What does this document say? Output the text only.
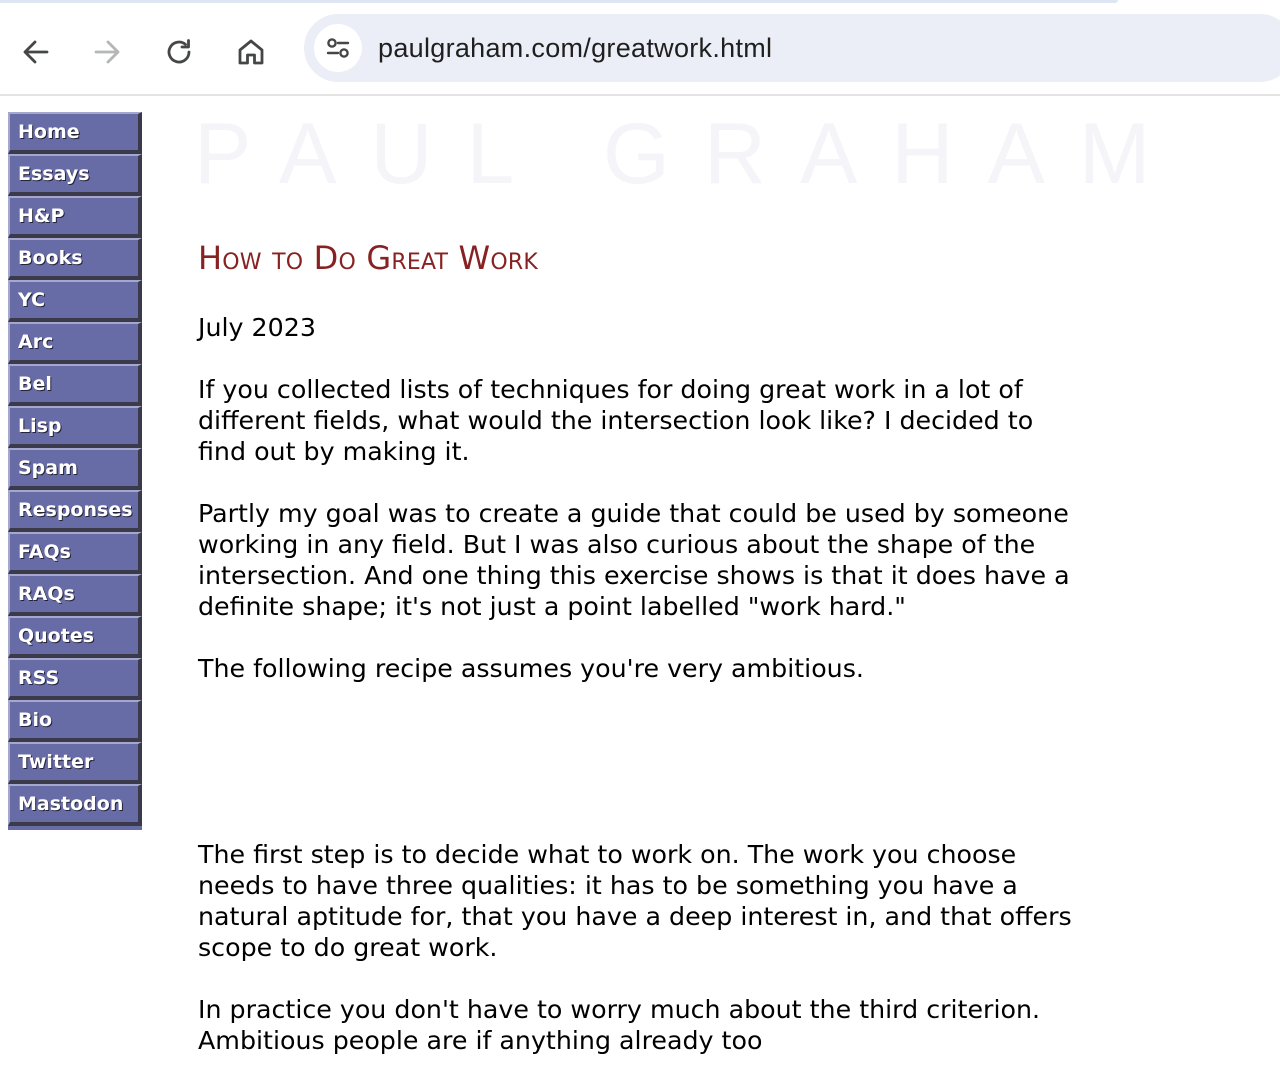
paulgraham.com/greatwork.html
Home
Essays
H&P
Books
YC
Arc
Bel
Lisp
Spam
Responses
FAQs
RAQs
Quotes
RSS
Bio
Twitter
Mastodon
PAUL GRAHAM
How to Do Great Work

July 2023

If you collected lists of techniques for doing great work in a lot of different fields, what would the intersection look like? I decided to find out by making it.

Partly my goal was to create a guide that could be used by someone working in any field. But I was also curious about the shape of the intersection. And one thing this exercise shows is that it does have a definite shape; it's not just a point labelled "work hard."

The following recipe assumes you're very ambitious.

The first step is to decide what to work on. The work you choose needs to have three qualities: it has to be something you have a natural aptitude for, that you have a deep interest in, and that offers scope to do great work.

In practice you don't have to worry much about the third criterion. Ambitious people are if anything already too
